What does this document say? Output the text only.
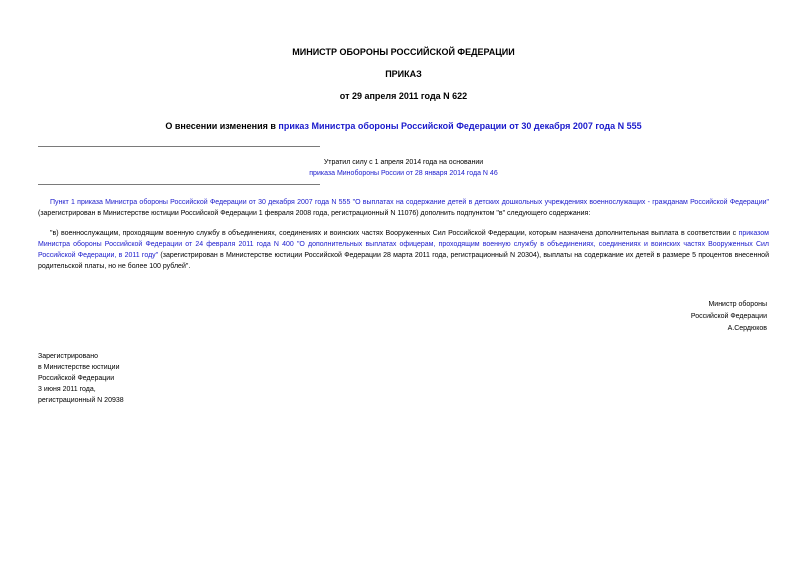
МИНИСТР ОБОРОНЫ РОССИЙСКОЙ ФЕДЕРАЦИИ

ПРИКАЗ

от 29 апреля 2011 года N 622

О внесении изменения в приказ Министра обороны Российской Федерации от 30 декабря 2007 года N 555

Утратил силу с 1 апреля 2014 года на основании

приказа Минобороны России от 28 января 2014 года N 46

Пункт 1 приказа Министра обороны Российской Федерации от 30 декабря 2007 года N 555 "О выплатах на содержание детей в детских дошкольных учреждениях военнослужащих - гражданам Российской Федерации" (зарегистрирован в Министерстве юстиции Российской Федерации 1 февраля 2008 года, регистрационный N 11076) дополнить подпунктом "в" следующего содержания:

"в) военнослужащим, проходящим военную службу в объединениях, соединениях и воинских частях Вооруженных Сил Российской Федерации, которым назначена дополнительная выплата в соответствии с приказом Министра обороны Российской Федерации от 24 февраля 2011 года N 400 "О дополнительных выплатах офицерам, проходящим военную службу в объединениях, соединениях и воинских частях Вооруженных Сил Российской Федерации, в 2011 году" (зарегистрирован в Министерстве юстиции Российской Федерации 28 марта 2011 года, регистрационный N 20304), выплаты на содержание их детей в размере 5 процентов внесенной родительской платы, но не более 100 рублей".

Министр обороны
Российской Федерации
А.Сердюков
Зарегистрировано
в Министерстве юстиции
Российской Федерации
3 июня 2011 года,
регистрационный N 20938
